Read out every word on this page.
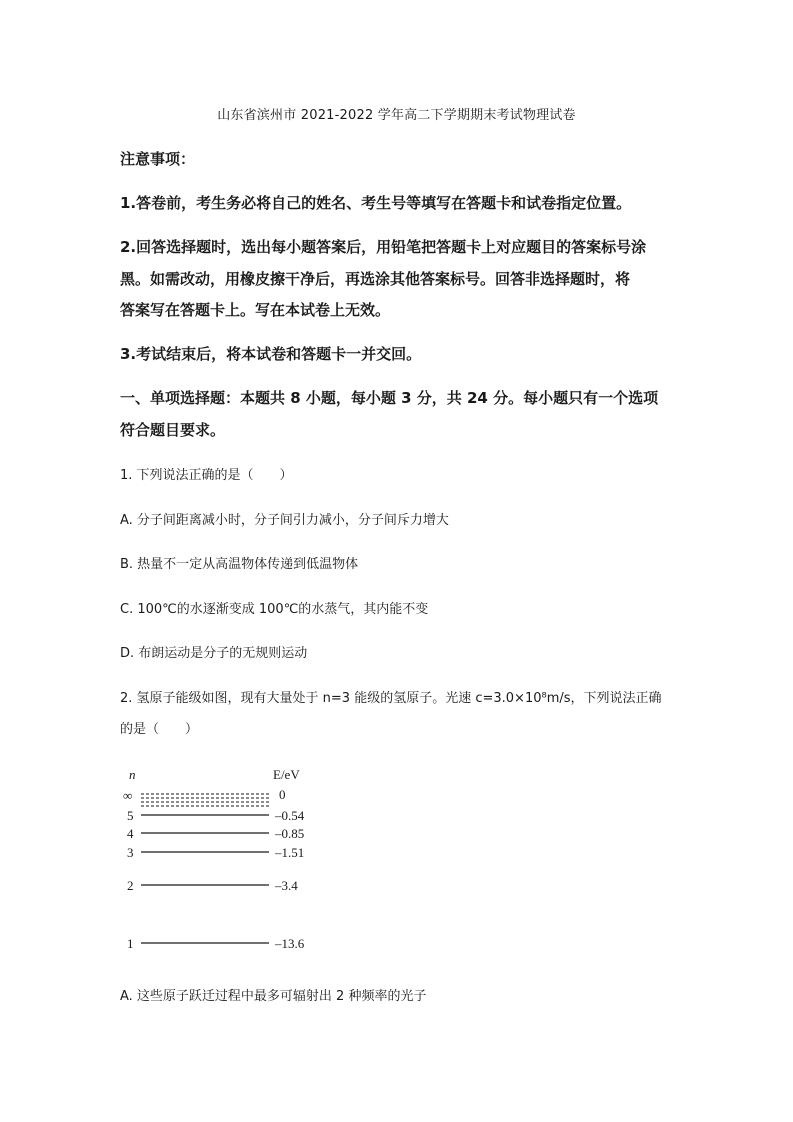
山东省滨州市 2021-2022 学年高二下学期期末考试物理试卷
注意事项：
1.答卷前，考生务必将自己的姓名、考生号等填写在答题卡和试卷指定位置。
2.回答选择题时，选出每小题答案后，用铅笔把答题卡上对应题目的答案标号涂
黑。如需改动，用橡皮擦干净后，再选涂其他答案标号。回答非选择题时，将
答案写在答题卡上。写在本试卷上无效。
3.考试结束后，将本试卷和答题卡一并交回。
一、单项选择题：本题共 8 小题，每小题 3 分，共 24 分。每小题只有一个选项
符合题目要求。
1. 下列说法正确的是（　　）
A. 分子间距离减小时，分子间引力减小，分子间斥力增大
B. 热量不一定从高温物体传递到低温物体
C. 100℃的水逐渐变成 100℃的水蒸气，其内能不变
D. 布朗运动是分子的无规则运动
2. 氢原子能级如图，现有大量处于 n=3 能级的氢原子。光速 c=3.0×10⁸m/s，下列说法正确
的是（　　）
n	E/eV
∞	0
5	–0.54
4	–0.85
3	–1.51
2	–3.4
1	–13.6
A. 这些原子跃迁过程中最多可辐射出 2 种频率的光子
